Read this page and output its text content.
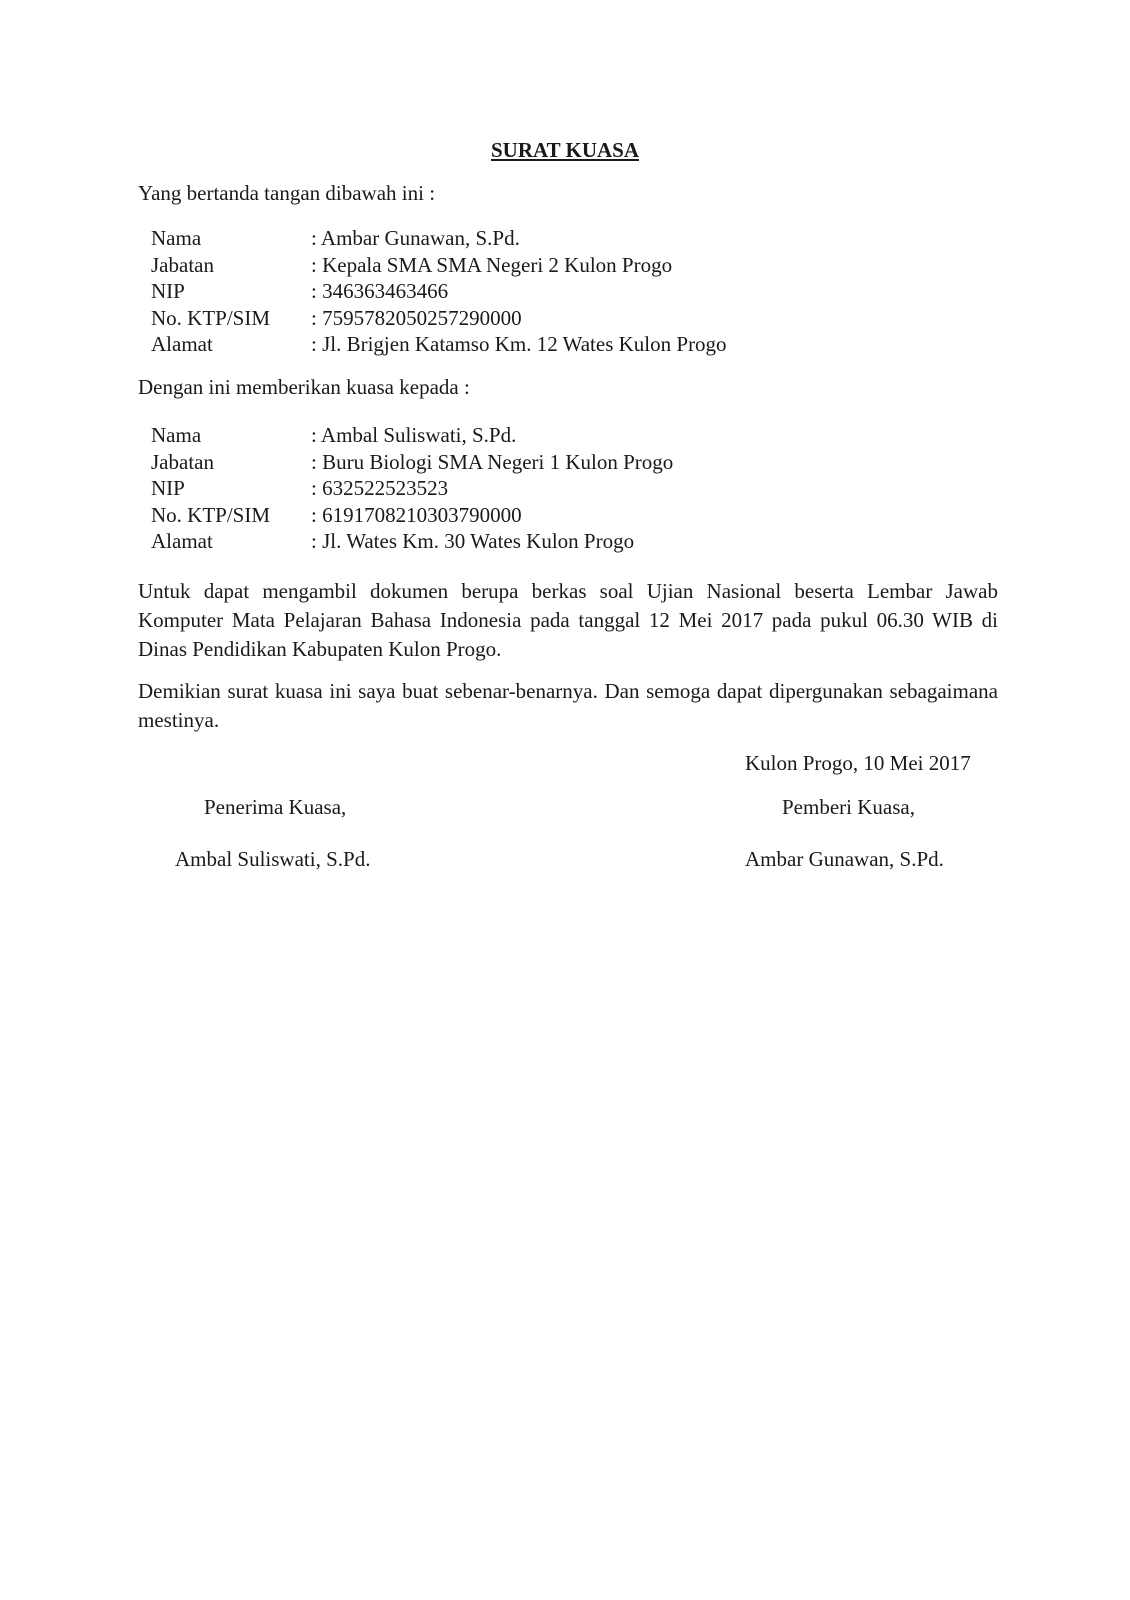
SURAT KUASA
Yang bertanda tangan dibawah ini :
Nama	: Ambar Gunawan, S.Pd.
Jabatan	: Kepala SMA SMA Negeri 2 Kulon Progo
NIP	: 346363463466
No. KTP/SIM : 7595782050257290000
Alamat	: Jl. Brigjen Katamso Km. 12 Wates Kulon Progo
Dengan ini memberikan kuasa kepada :
Nama	: Ambal Suliswati, S.Pd.
Jabatan	: Buru Biologi SMA Negeri 1 Kulon Progo
NIP	: 632522523523
No. KTP/SIM : 6191708210303790000
Alamat	: Jl. Wates Km. 30 Wates Kulon Progo
Untuk dapat mengambil dokumen berupa berkas soal Ujian Nasional beserta Lembar Jawab Komputer Mata Pelajaran Bahasa Indonesia pada tanggal 12 Mei 2017 pada pukul 06.30 WIB di Dinas Pendidikan Kabupaten Kulon Progo.
Demikian surat kuasa ini saya buat sebenar-benarnya. Dan semoga dapat dipergunakan sebagaimana mestinya.
Kulon Progo, 10 Mei 2017
Penerima Kuasa,	Pemberi Kuasa,
Ambal Suliswati, S.Pd.	Ambar Gunawan, S.Pd.
